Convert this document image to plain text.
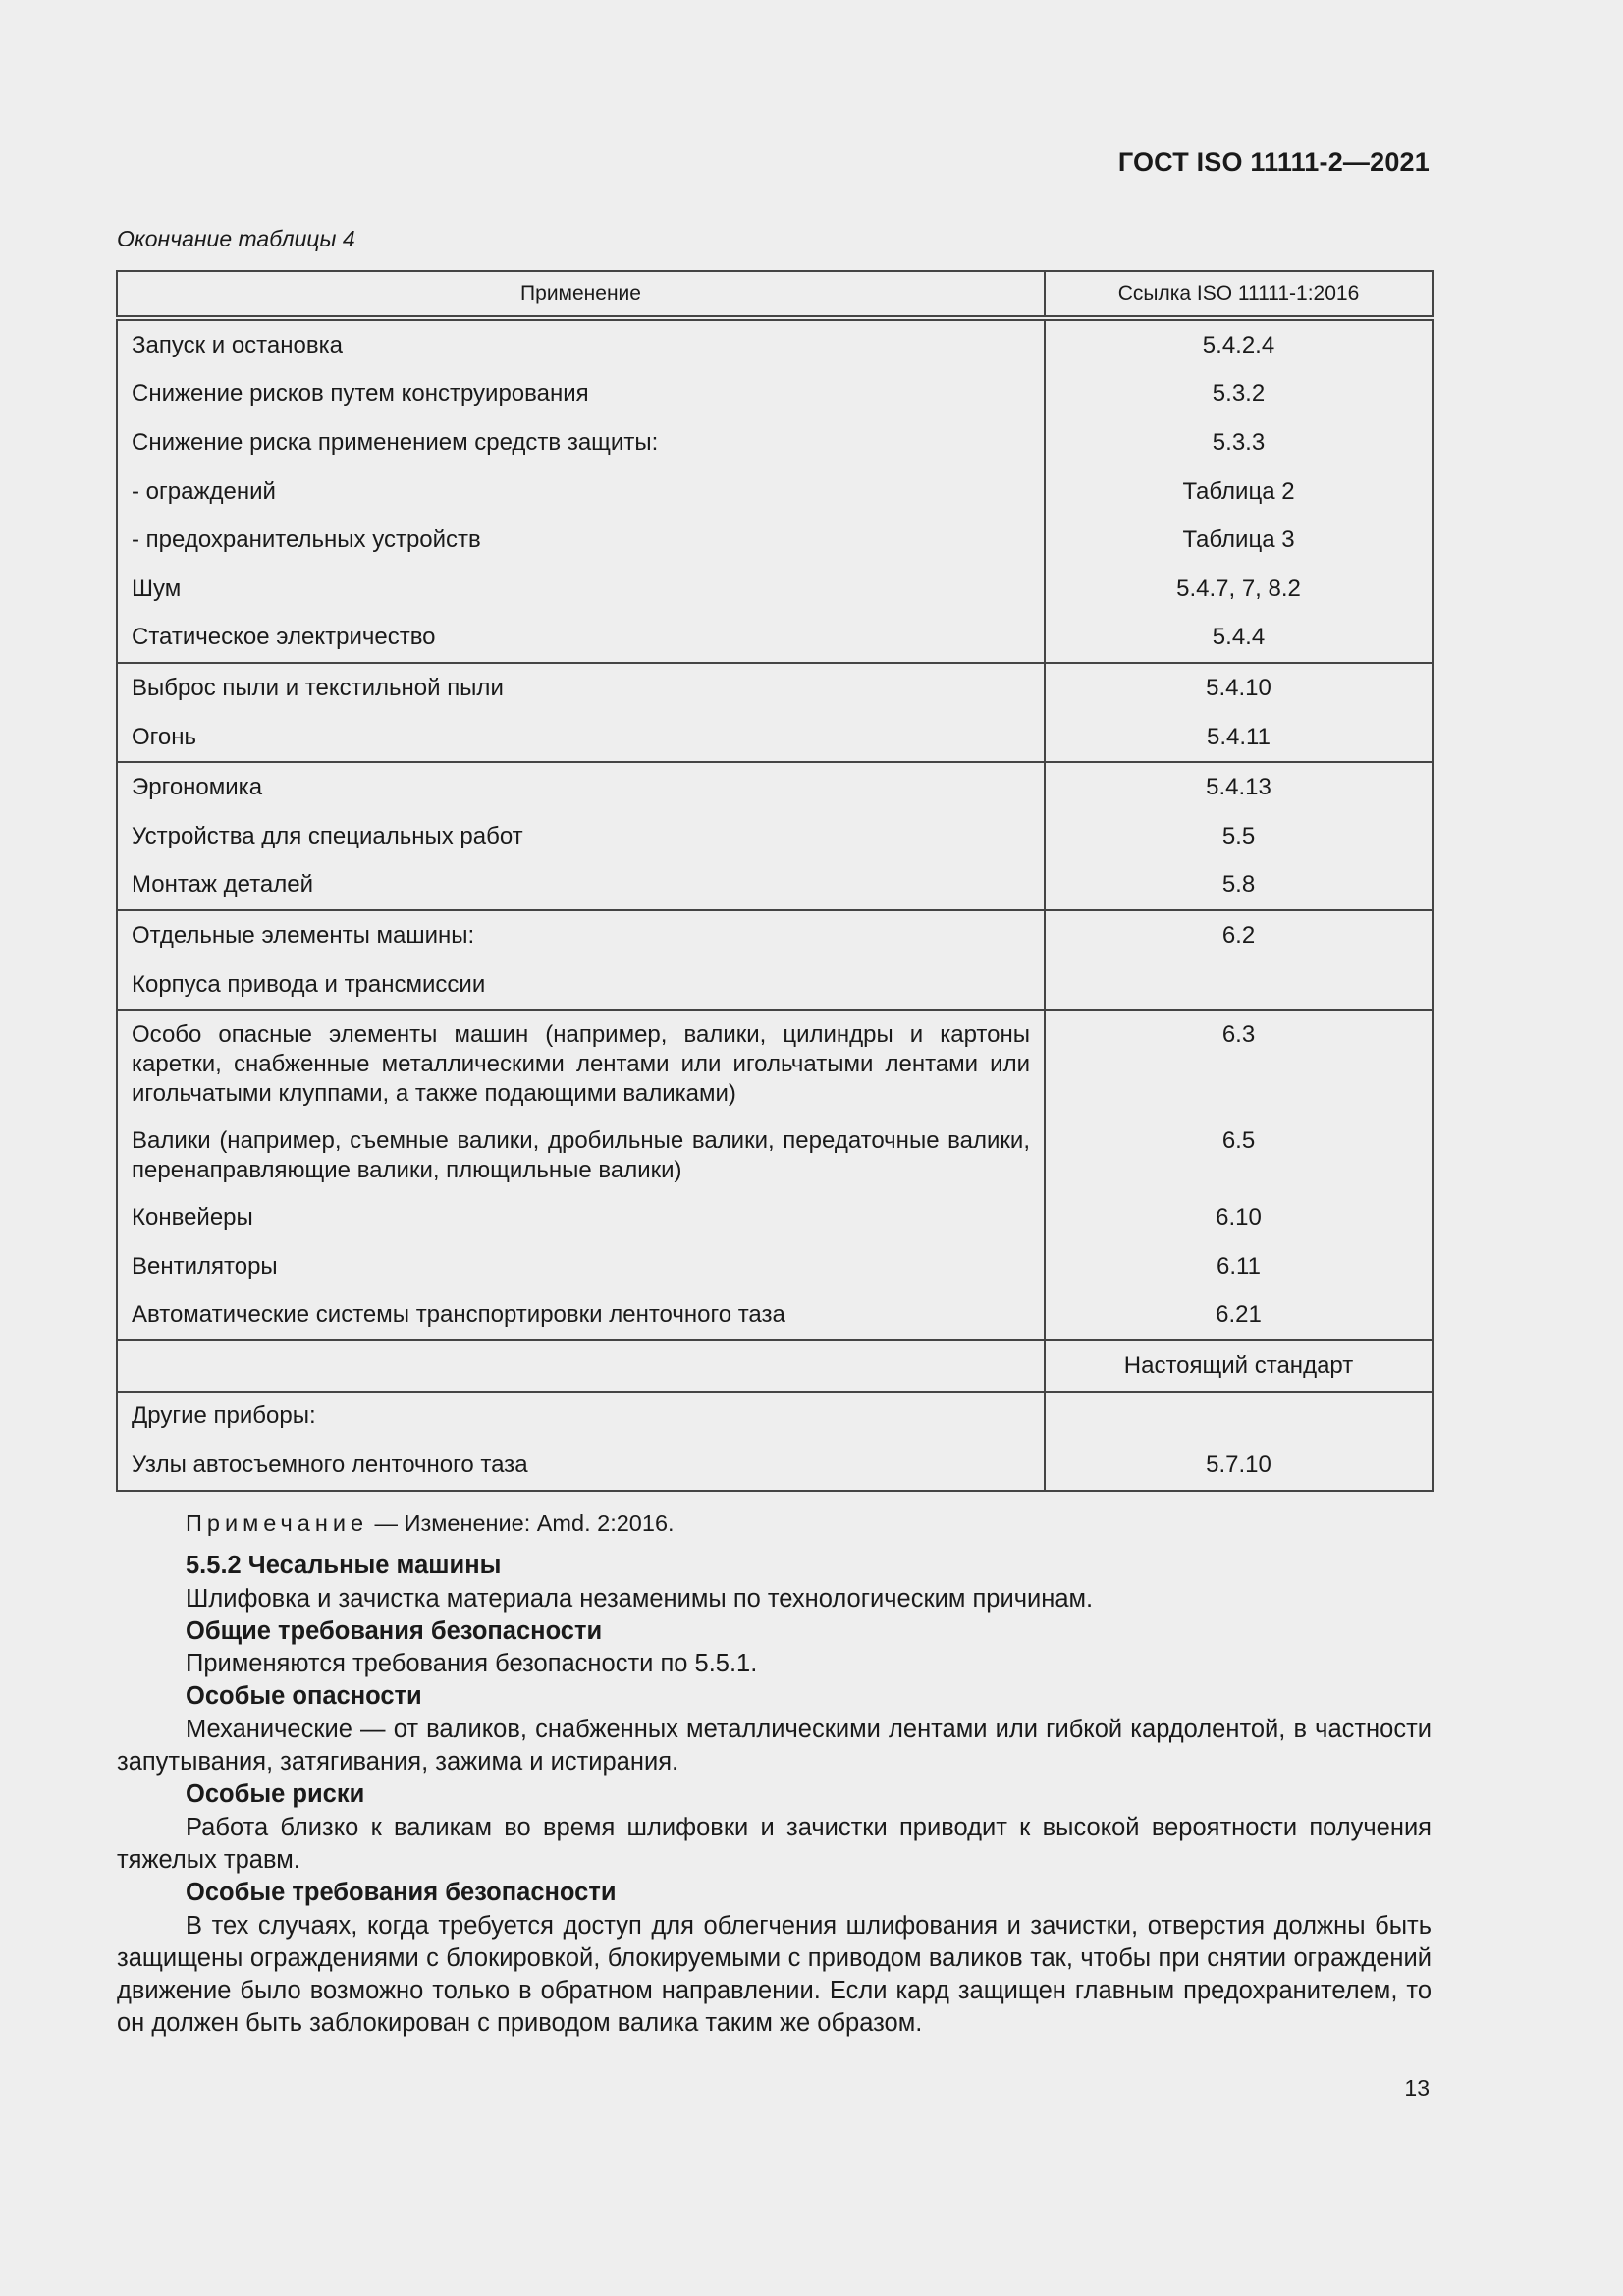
ГОСТ ISO 11111-2—2021
Окончание таблицы 4
Применение	Ссылка ISO 11111-1:2016
Запуск и остановка	5.4.2.4
Снижение рисков путем конструирования	5.3.2
Снижение риска применением средств защиты:	5.3.3
- ограждений	Таблица 2
- предохранительных устройств	Таблица 3
Шум	5.4.7, 7, 8.2
Статическое электричество	5.4.4
Выброс пыли и текстильной пыли	5.4.10
Огонь	5.4.11
Эргономика	5.4.13
Устройства для специальных работ	5.5
Монтаж деталей	5.8
Отдельные элементы машины:	6.2
Корпуса привода и трансмиссии	
Особо опасные элементы машин (например, валики, цилиндры и картоны каретки, снабженные металлическими лентами или игольчатыми лентами или игольчатыми клуппами, а также подающими валиками)	6.3
Валики (например, съемные валики, дробильные валики, передаточные валики, перенаправляющие валики, плющильные валики)	6.5
Конвейеры	6.10
Вентиляторы	6.11
Автоматические системы транспортировки ленточного таза	6.21
	Настоящий стандарт
Другие приборы:	
Узлы автосъемного ленточного таза	5.7.10

Примечание — Изменение: Amd. 2:2016.

5.5.2 Чесальные машины

Шлифовка и зачистка материала незаменимы по технологическим причинам.

Общие требования безопасности

Применяются требования безопасности по 5.5.1.

Особые опасности

Механические — от валиков, снабженных металлическими лентами или гибкой кардолентой, в частности запутывания, затягивания, зажима и истирания.

Особые риски

Работа близко к валикам во время шлифовки и зачистки приводит к высокой вероятности получения тяжелых травм.

Особые требования безопасности

В тех случаях, когда требуется доступ для облегчения шлифования и зачистки, отверстия должны быть защищены ограждениями с блокировкой, блокируемыми с приводом валиков так, чтобы при снятии ограждений движение было возможно только в обратном направлении. Если кард защищен главным предохранителем, то он должен быть заблокирован с приводом валика таким же образом.

13
